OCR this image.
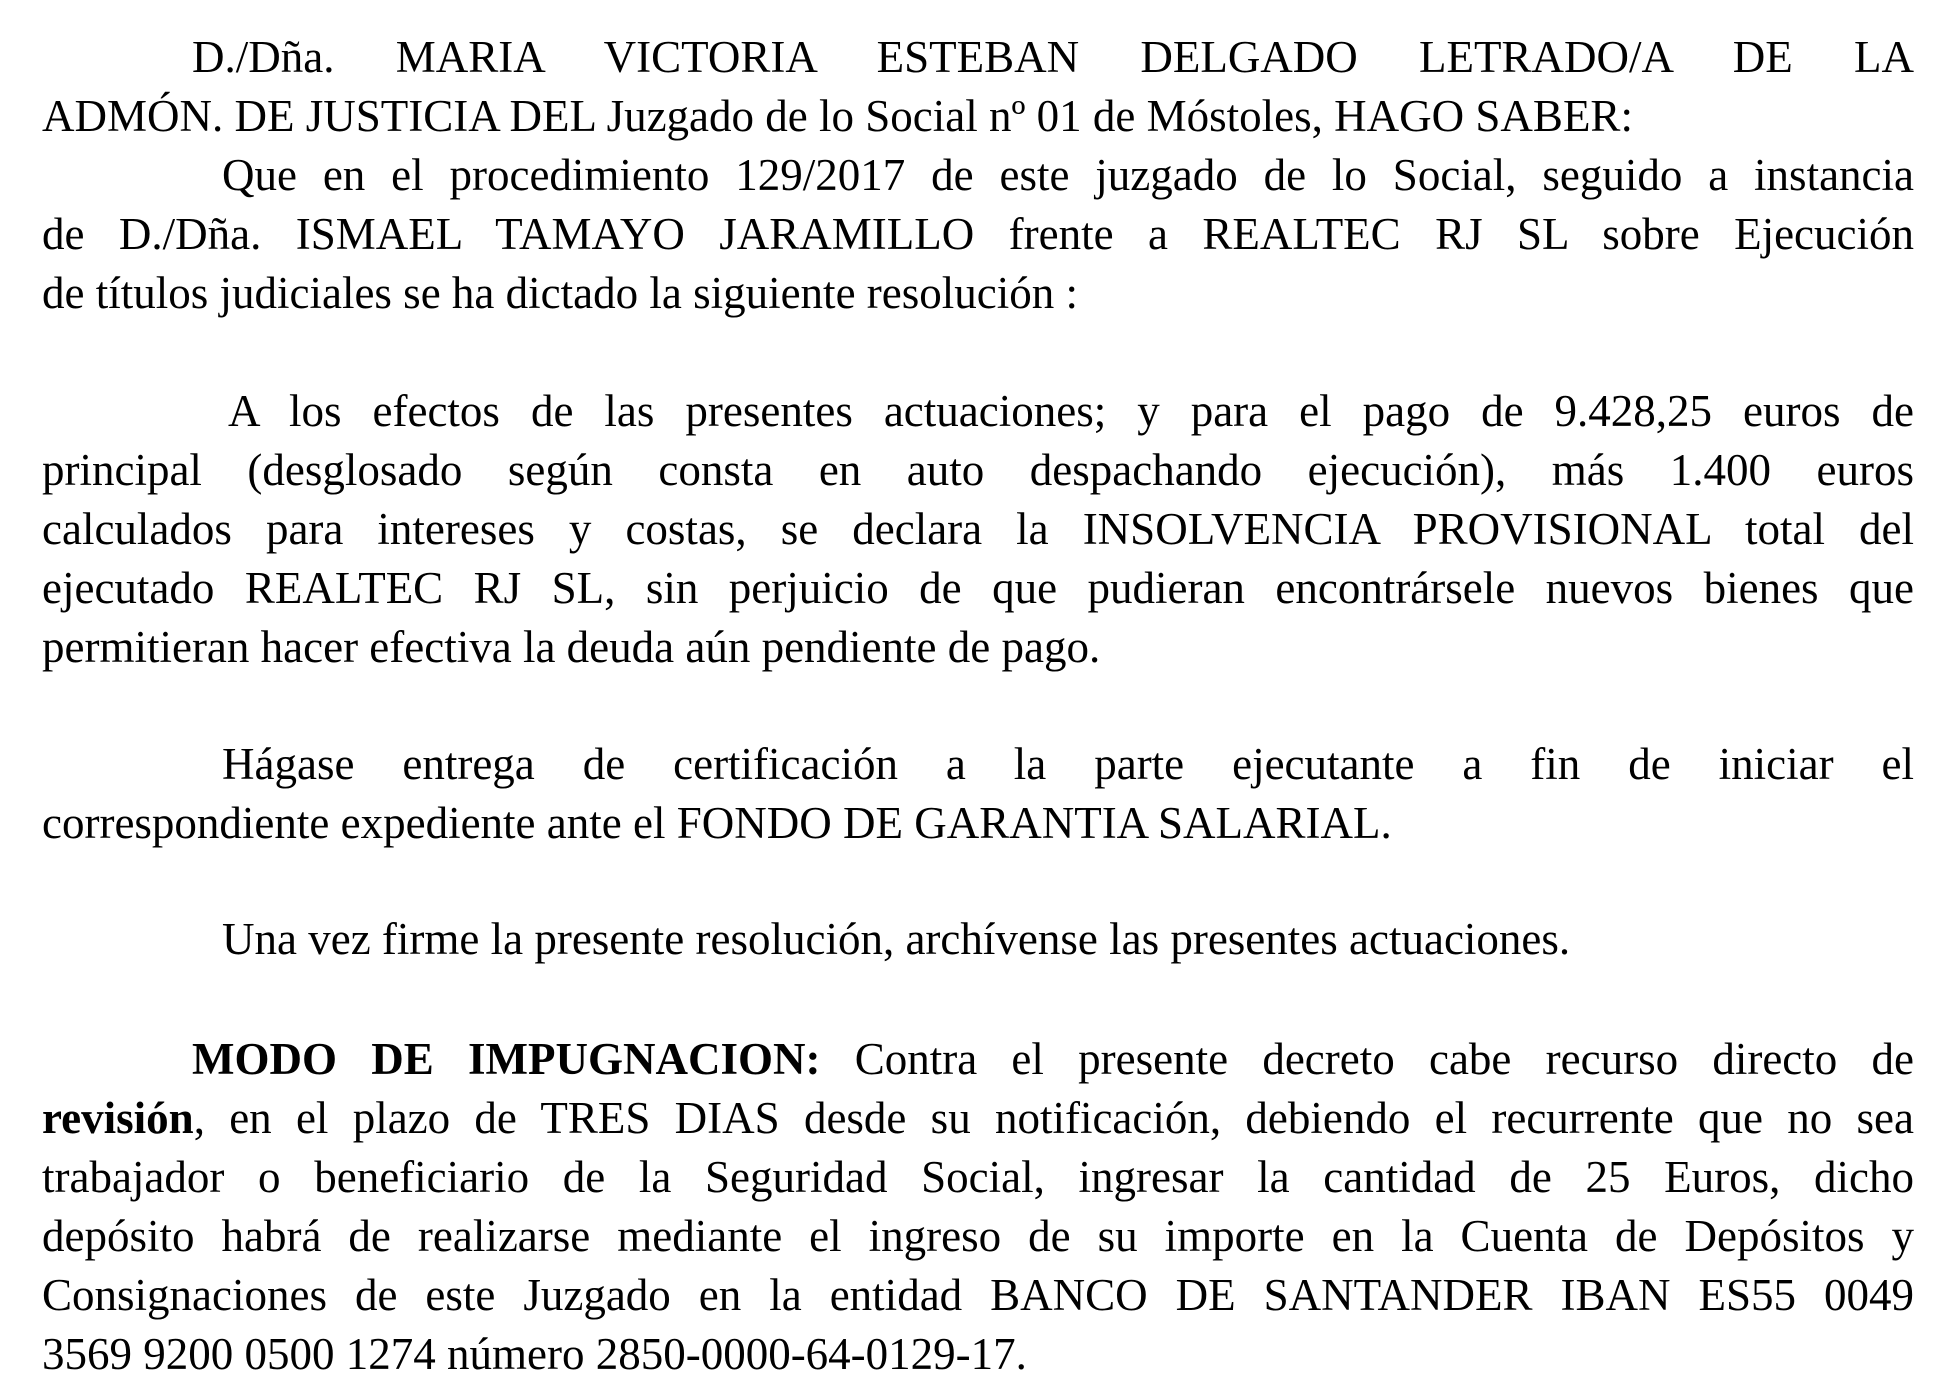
D./Dña. MARIA VICTORIA ESTEBAN DELGADO LETRADO/A DE LA
ADMÓN. DE JUSTICIA DEL Juzgado de lo Social nº 01 de Móstoles, HAGO SABER:
Que en el procedimiento 129/2017 de este juzgado de lo Social, seguido a instancia
de D./Dña. ISMAEL TAMAYO JARAMILLO frente a REALTEC RJ SL sobre Ejecución
de títulos judiciales se ha dictado la siguiente resolución :
A los efectos de las presentes actuaciones; y para el pago de 9.428,25 euros de
principal (desglosado según consta en auto despachando ejecución), más 1.400 euros
calculados para intereses y costas, se declara la INSOLVENCIA PROVISIONAL total del
ejecutado REALTEC RJ SL, sin perjuicio de que pudieran encontrársele nuevos bienes que
permitieran hacer efectiva la deuda aún pendiente de pago.
Hágase entrega de certificación a la parte ejecutante a fin de iniciar el
correspondiente expediente ante el FONDO DE GARANTIA SALARIAL.
Una vez firme la presente resolución, archívense las presentes actuaciones.
MODO DE IMPUGNACION: Contra el presente decreto cabe recurso directo de
revisión, en el plazo de TRES DIAS desde su notificación, debiendo el recurrente que no sea
trabajador o beneficiario de la Seguridad Social, ingresar la cantidad de 25 Euros, dicho
depósito habrá de realizarse mediante el ingreso de su importe en la Cuenta de Depósitos y
Consignaciones de este Juzgado en la entidad BANCO DE SANTANDER IBAN ES55 0049
3569 9200 0500 1274 número 2850-0000-64-0129-17.
